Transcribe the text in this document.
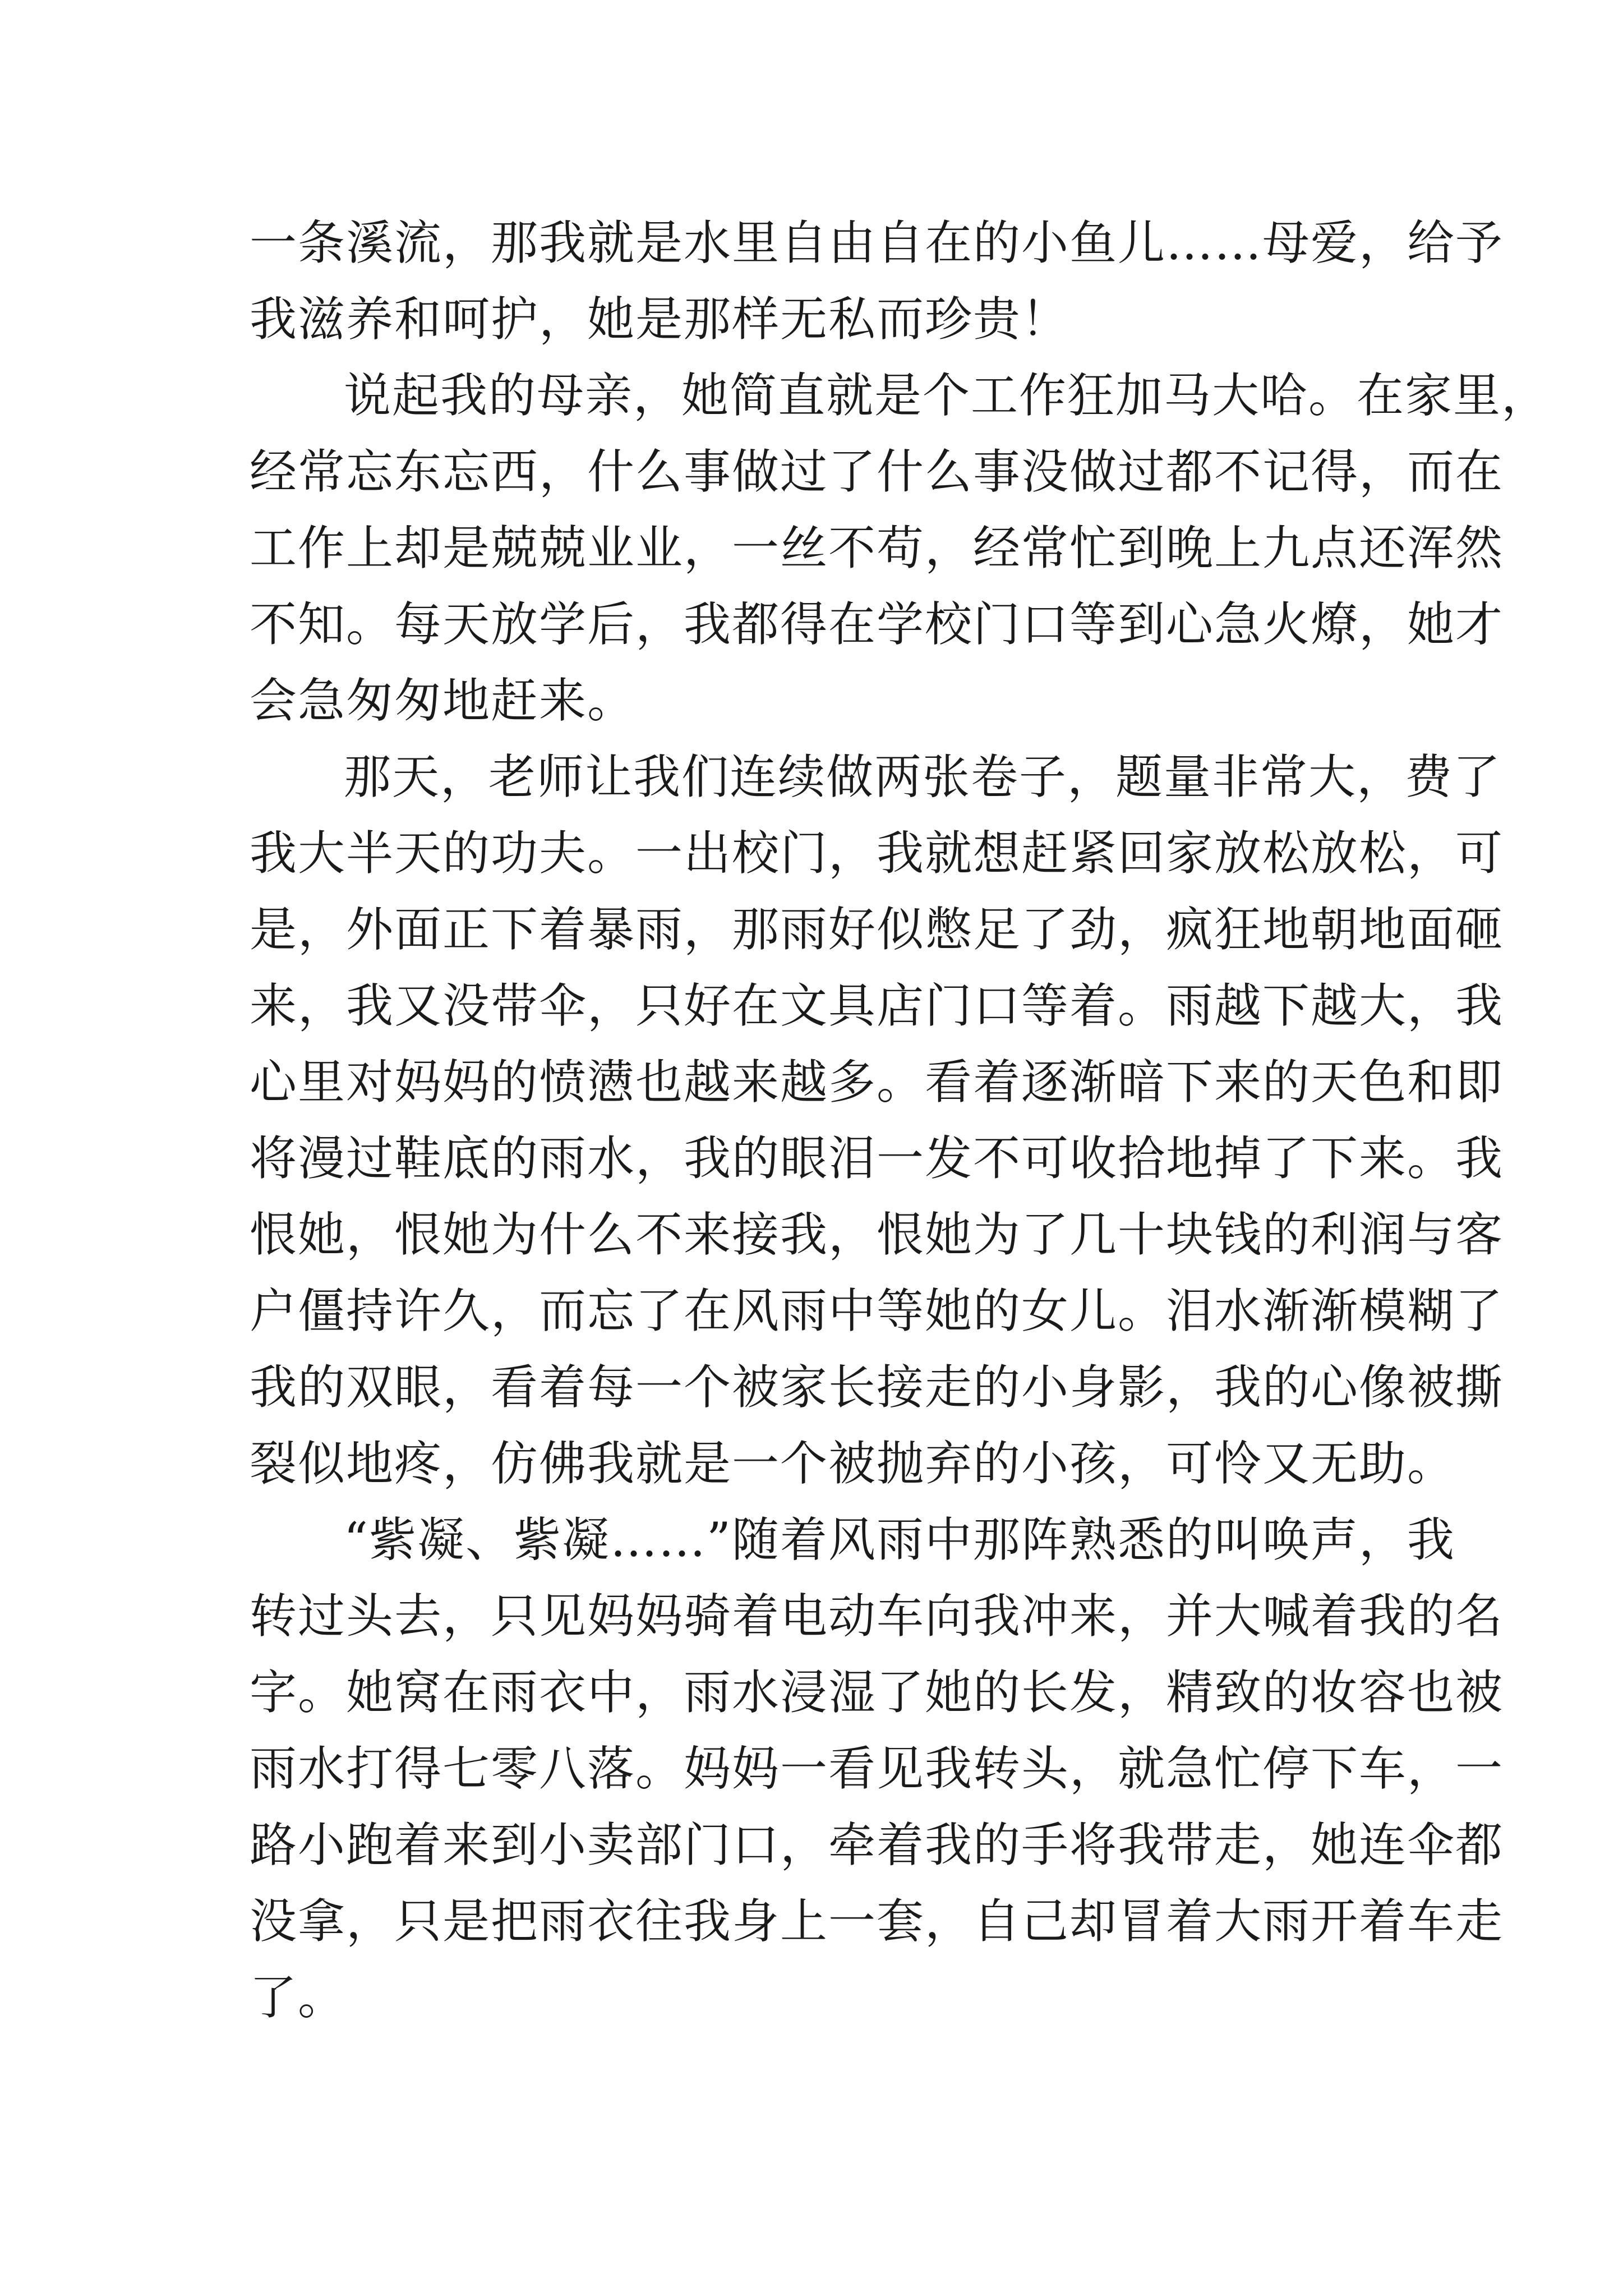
一条溪流，那我就是水里自由自在的小鱼儿……母爱，给予
我滋养和呵护，她是那样无私而珍贵！
说起我的母亲，她简直就是个工作狂加马大哈。在家里，
经常忘东忘西，什么事做过了什么事没做过都不记得，而在
工作上却是兢兢业业，一丝不苟，经常忙到晚上九点还浑然
不知。每天放学后，我都得在学校门口等到心急火燎，她才
会急匆匆地赶来。
那天，老师让我们连续做两张卷子，题量非常大，费了
我大半天的功夫。一出校门，我就想赶紧回家放松放松，可
是，外面正下着暴雨，那雨好似憋足了劲，疯狂地朝地面砸
来，我又没带伞，只好在文具店门口等着。雨越下越大，我
心里对妈妈的愤懑也越来越多。看着逐渐暗下来的天色和即
将漫过鞋底的雨水，我的眼泪一发不可收拾地掉了下来。我
恨她，恨她为什么不来接我，恨她为了几十块钱的利润与客
户僵持许久，而忘了在风雨中等她的女儿。泪水渐渐模糊了
我的双眼，看着每一个被家长接走的小身影，我的心像被撕
裂似地疼，仿佛我就是一个被抛弃的小孩，可怜又无助。
“紫凝、紫凝……”随着风雨中那阵熟悉的叫唤声，我
转过头去，只见妈妈骑着电动车向我冲来，并大喊着我的名
字。她窝在雨衣中，雨水浸湿了她的长发，精致的妆容也被
雨水打得七零八落。妈妈一看见我转头，就急忙停下车，一
路小跑着来到小卖部门口，牵着我的手将我带走，她连伞都
没拿，只是把雨衣往我身上一套，自己却冒着大雨开着车走
了。
